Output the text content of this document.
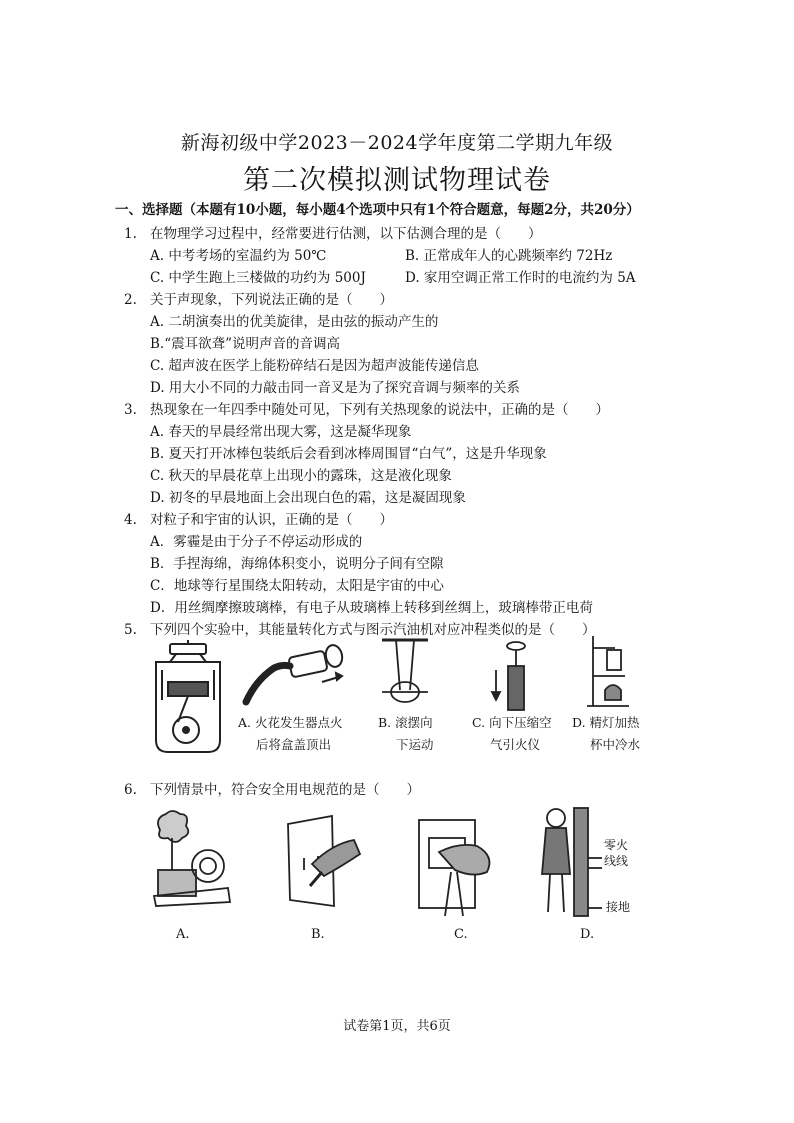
新海初级中学2023－2024学年度第二学期九年级
第二次模拟测试物理试卷
一、选择题（本题有10小题，每小题4个选项中只有1个符合题意，每题2分，共20分）
1. 在物理学习过程中，经常要进行估测，以下估测合理的是（　　）
A. 中考考场的室温约为 50℃	B. 正常成年人的心跳频率约 72Hz
C. 中学生跑上三楼做的功约为 500J	D. 家用空调正常工作时的电流约为 5A
2. 关于声现象，下列说法正确的是（　　）
A. 二胡演奏出的优美旋律，是由弦的振动产生的
B.“震耳欲聋”说明声音的音调高
C. 超声波在医学上能粉碎结石是因为超声波能传递信息
D. 用大小不同的力敲击同一音叉是为了探究音调与频率的关系
3. 热现象在一年四季中随处可见，下列有关热现象的说法中，正确的是（　　）
A. 春天的早晨经常出现大雾，这是凝华现象
B. 夏天打开冰棒包装纸后会看到冰棒周围冒“白气”，这是升华现象
C. 秋天的早晨花草上出现小的露珠，这是液化现象
D. 初冬的早晨地面上会出现白色的霜，这是凝固现象
4. 对粒子和宇宙的认识，正确的是（　　）
A．雾霾是由于分子不停运动形成的
B．手捏海绵，海绵体积变小，说明分子间有空隙
C．地球等行星围绕太阳转动，太阳是宇宙的中心
D．用丝绸摩擦玻璃棒，有电子从玻璃棒上转移到丝绸上，玻璃棒带正电荷
5. 下列四个实验中，其能量转化方式与图示汽油机对应冲程类似的是（　　）
A. 火花发生器点火
后将盒盖顶出
B. 滚摆向
下运动
C. 向下压缩空
气引火仪
D. 精灯加热
杯中冷水
6. 下列情景中，符合安全用电规范的是（　　）
零火
线线
接地
A.	B.	C.	D.
试卷第1页，共6页
